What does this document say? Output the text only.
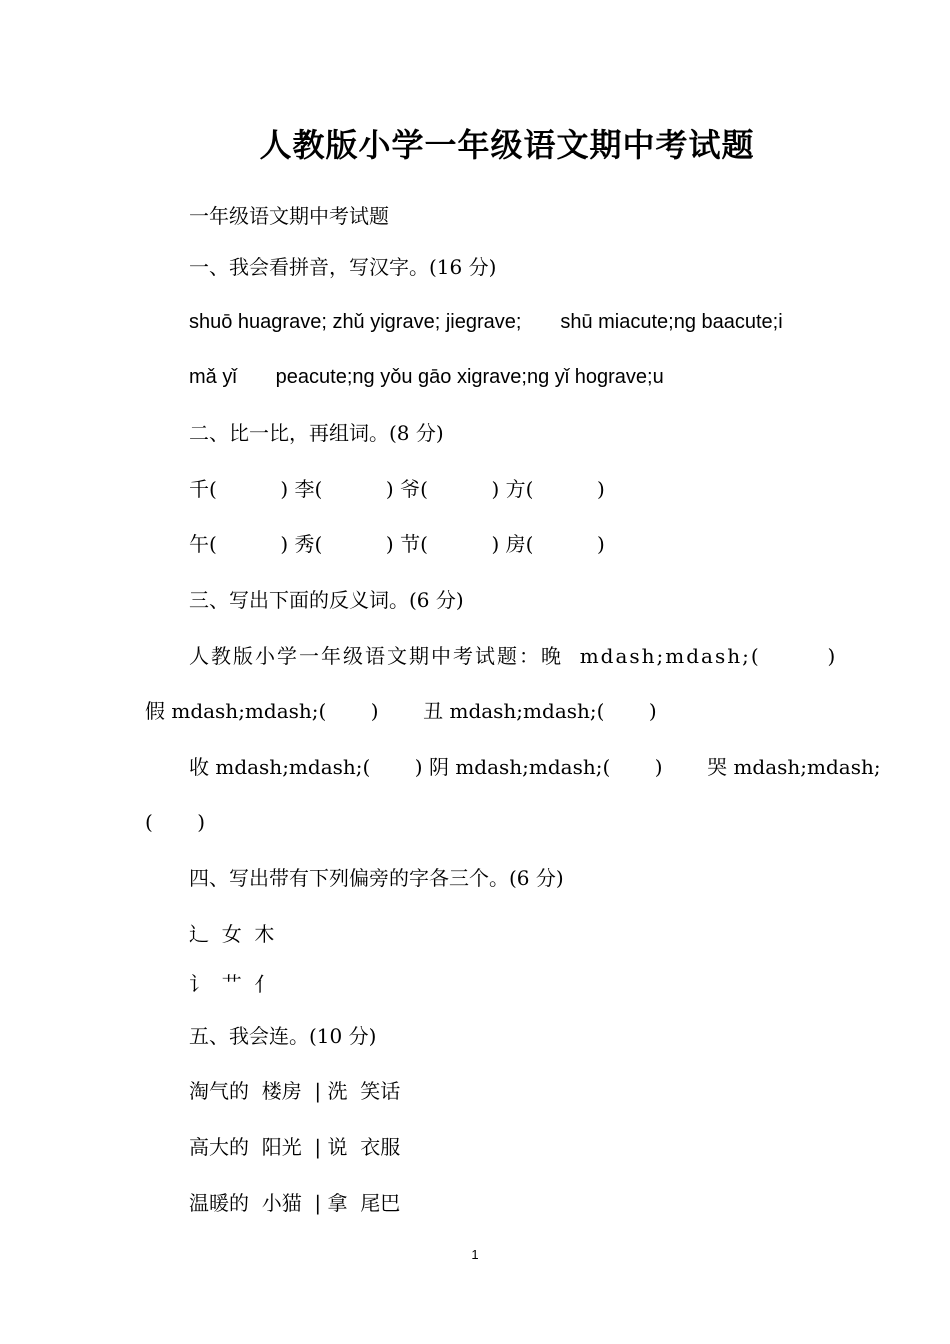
人教版小学一年级语文期中考试题
一年级语文期中考试题
一、我会看拼音，写汉字。(16 分)
shuō huagrave; zhǔ yigrave; jiegrave;       shū miacute;ng baacute;i
mǎ yǐ       peacute;ng yǒu gāo xigrave;ng yǐ hograve;u
二、比一比，再组词。(8 分)
千(          ) 李(          ) 爷(          ) 方(          )
午(          ) 秀(          ) 节(          ) 房(          )
三、写出下面的反义词。(6 分)
人教版小学一年级语文期中考试题：晚  mdash;mdash;(        )
假 mdash;mdash;(       )       丑 mdash;mdash;(       )
收 mdash;mdash;(       ) 阴 mdash;mdash;(       )       哭 mdash;mdash;
(       )
四、写出带有下列偏旁的字各三个。(6 分)
辶  女  木
讠  艹  亻
五、我会连。(10 分)
淘气的  楼房  | 洗  笑话
高大的  阳光  | 说  衣服
温暖的  小猫  | 拿  尾巴
1
